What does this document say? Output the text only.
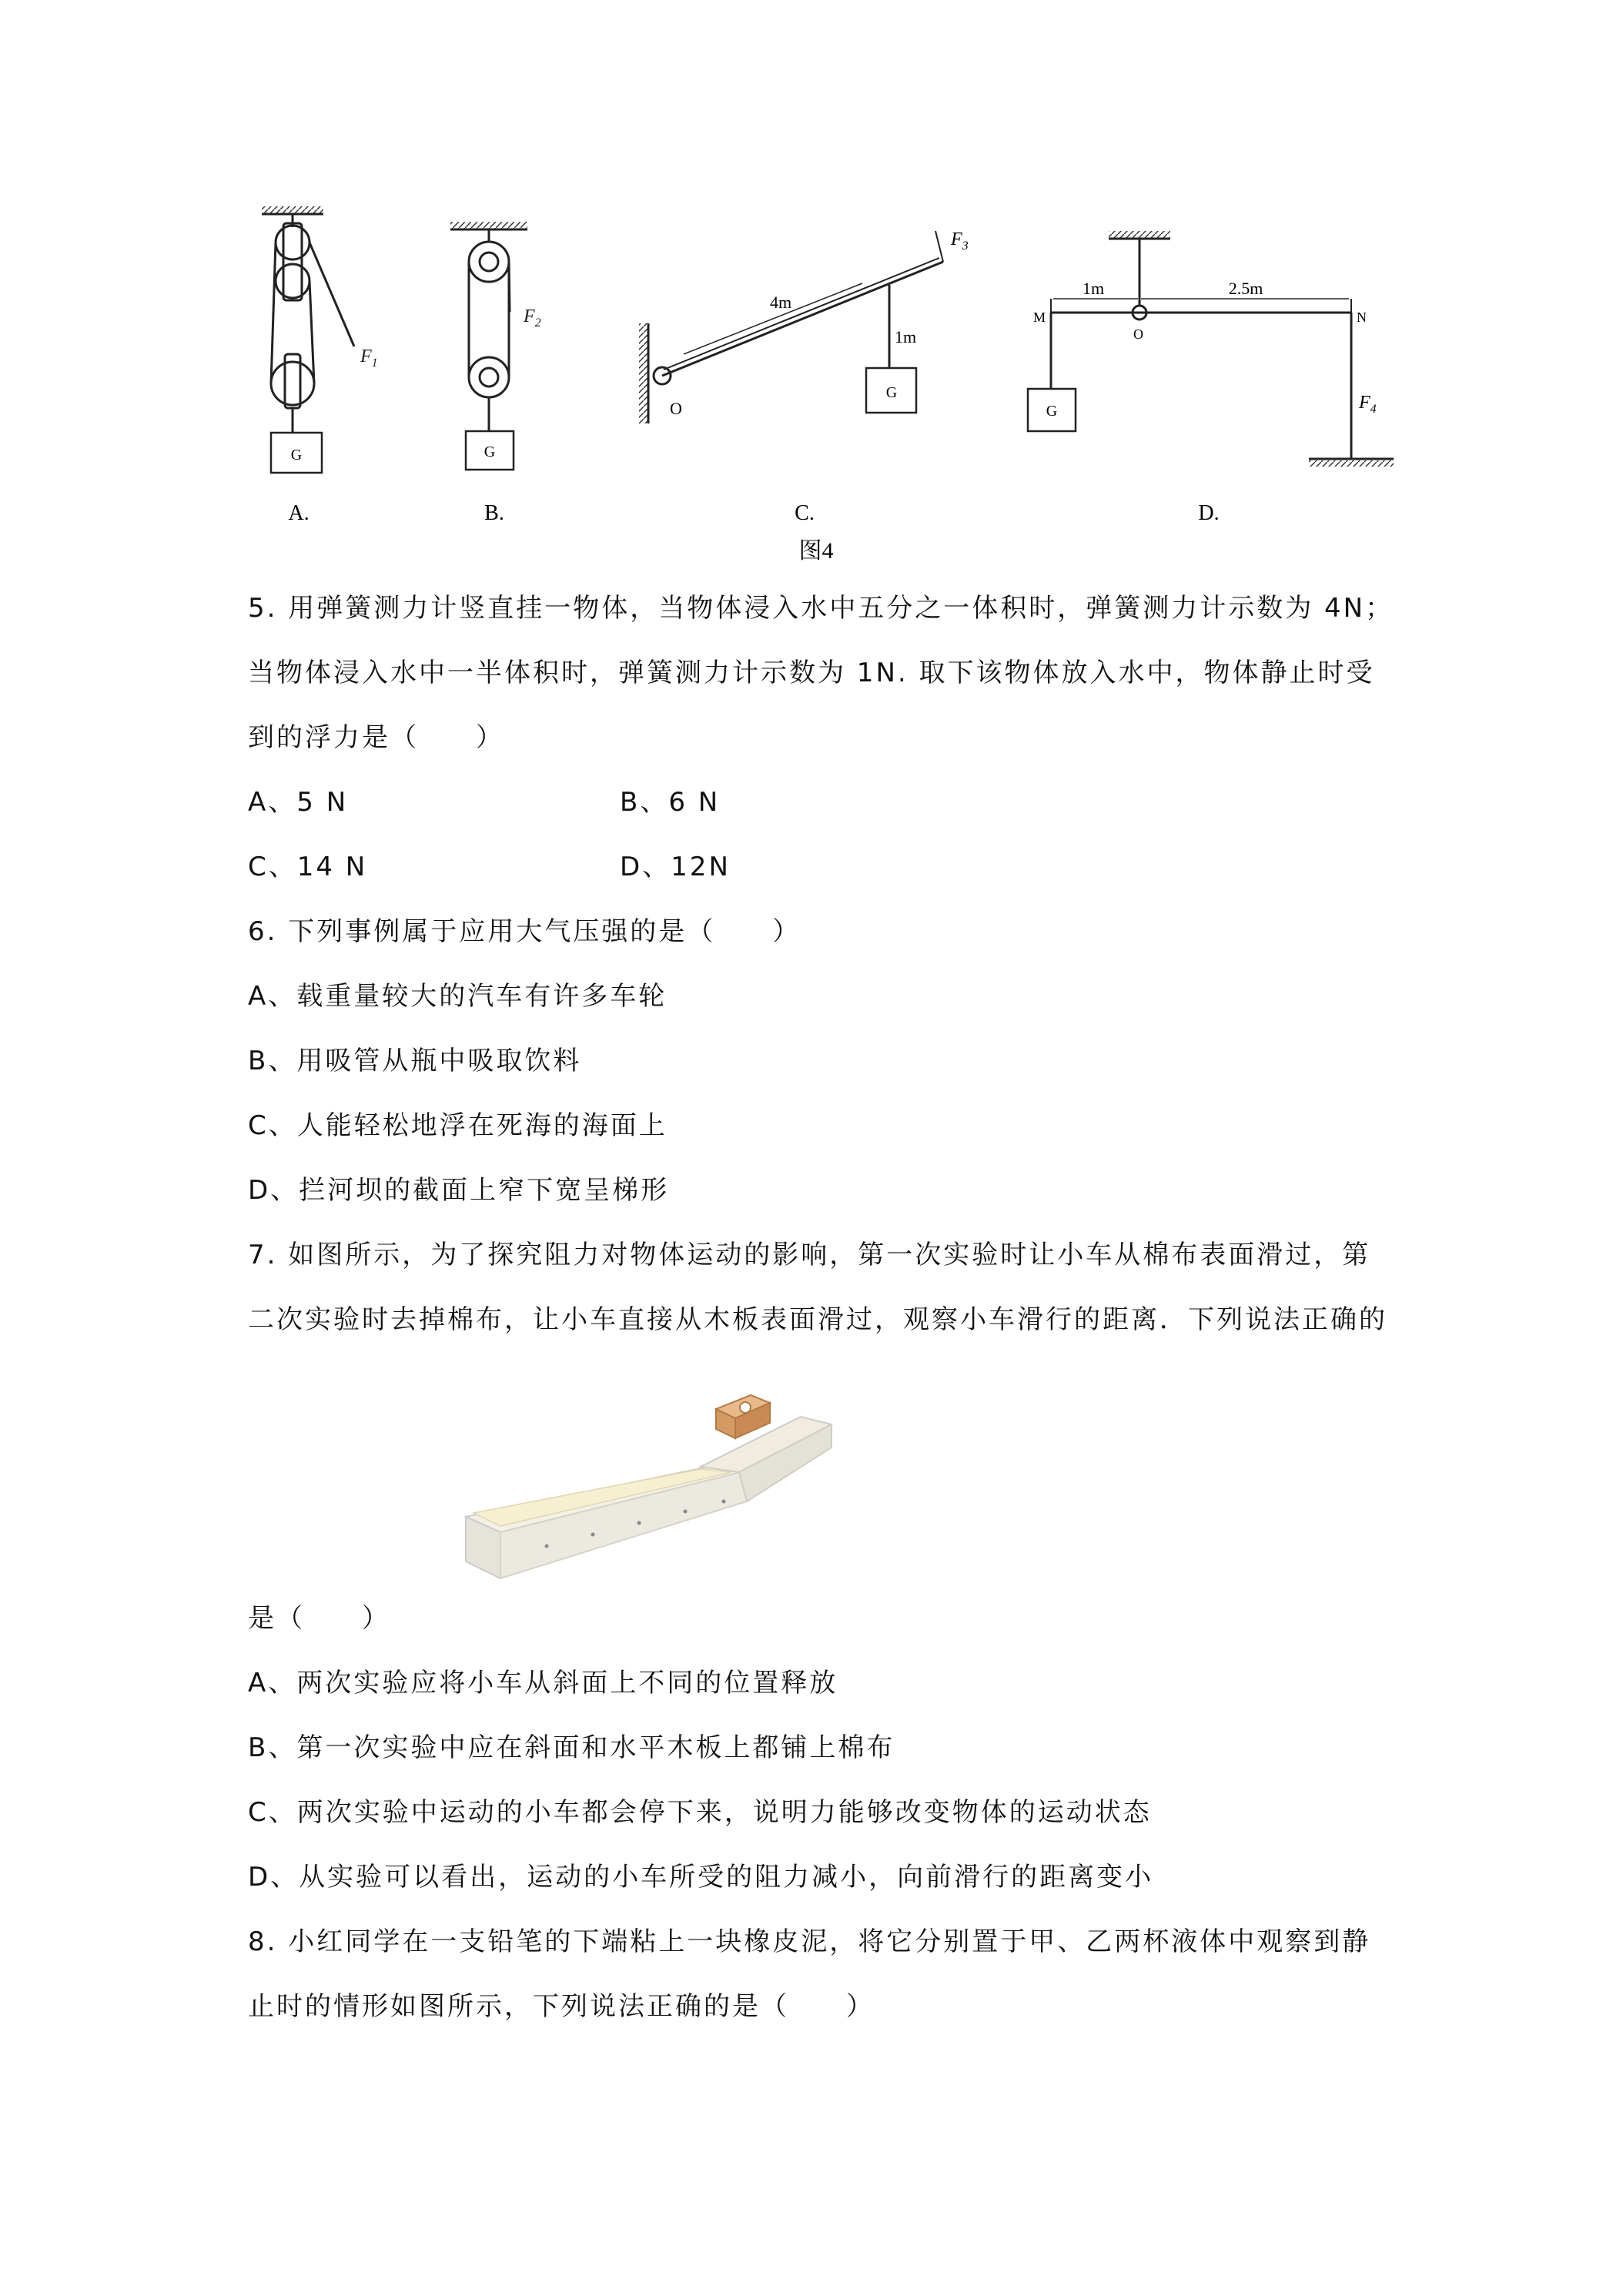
$F_1$
G
A.
$F_2$
G
B.
4m
1m
O
$F_3$
G
C.
1m	2.5m
M
O
N
$F_4$
G
D.
图4
5. 用弹簧测力计竖直挂一物体，当物体浸入水中五分之一体积时，弹簧测力计示数为 4N；
当物体浸入水中一半体积时，弹簧测力计示数为 1N. 取下该物体放入水中，物体静止时受
到的浮力是（　　）
A、5 N	B、6 N
C、14 N	D、12N
6. 下列事例属于应用大气压强的是（　　）
A、载重量较大的汽车有许多车轮
B、用吸管从瓶中吸取饮料
C、人能轻松地浮在死海的海面上
D、拦河坝的截面上窄下宽呈梯形
7. 如图所示，为了探究阻力对物体运动的影响，第一次实验时让小车从棉布表面滑过，第
二次实验时去掉棉布，让小车直接从木板表面滑过，观察小车滑行的距离．下列说法正确的
是（　　）
A、两次实验应将小车从斜面上不同的位置释放
B、第一次实验中应在斜面和水平木板上都铺上棉布
C、两次实验中运动的小车都会停下来，说明力能够改变物体的运动状态
D、从实验可以看出，运动的小车所受的阻力减小，向前滑行的距离变小
8. 小红同学在一支铅笔的下端粘上一块橡皮泥，将它分别置于甲、乙两杯液体中观察到静
止时的情形如图所示，下列说法正确的是（　　）
